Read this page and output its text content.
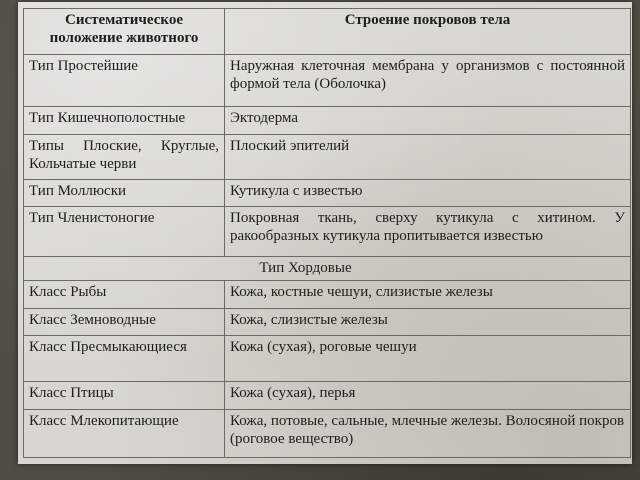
Систематическое положение животного	Строение покровов тела
Тип Простейшие	Наружная клеточная мембрана у организмов с постоянной формой тела (Оболочка)
Тип Кишечнополостные	Эктодерма
Типы Плоские, Круглые, Кольчатые черви	Плоский эпителий
Тип Моллюски	Кутикула с известью
Тип Членистоногие	Покровная ткань, сверху кутикула с хитином. У ракообразных кутикула пропитывается известью
Тип Хордовые	
Класс Рыбы	Кожа, костные чешуи, слизистые железы
Класс Земноводные	Кожа, слизистые железы
Класс Пресмыкающиеся	Кожа (сухая), роговые чешуи
Класс Птицы	Кожа (сухая), перья
Класс Млекопитающие	Кожа, потовые, сальные, млечные железы. Волосяной покров (роговое вещество)
